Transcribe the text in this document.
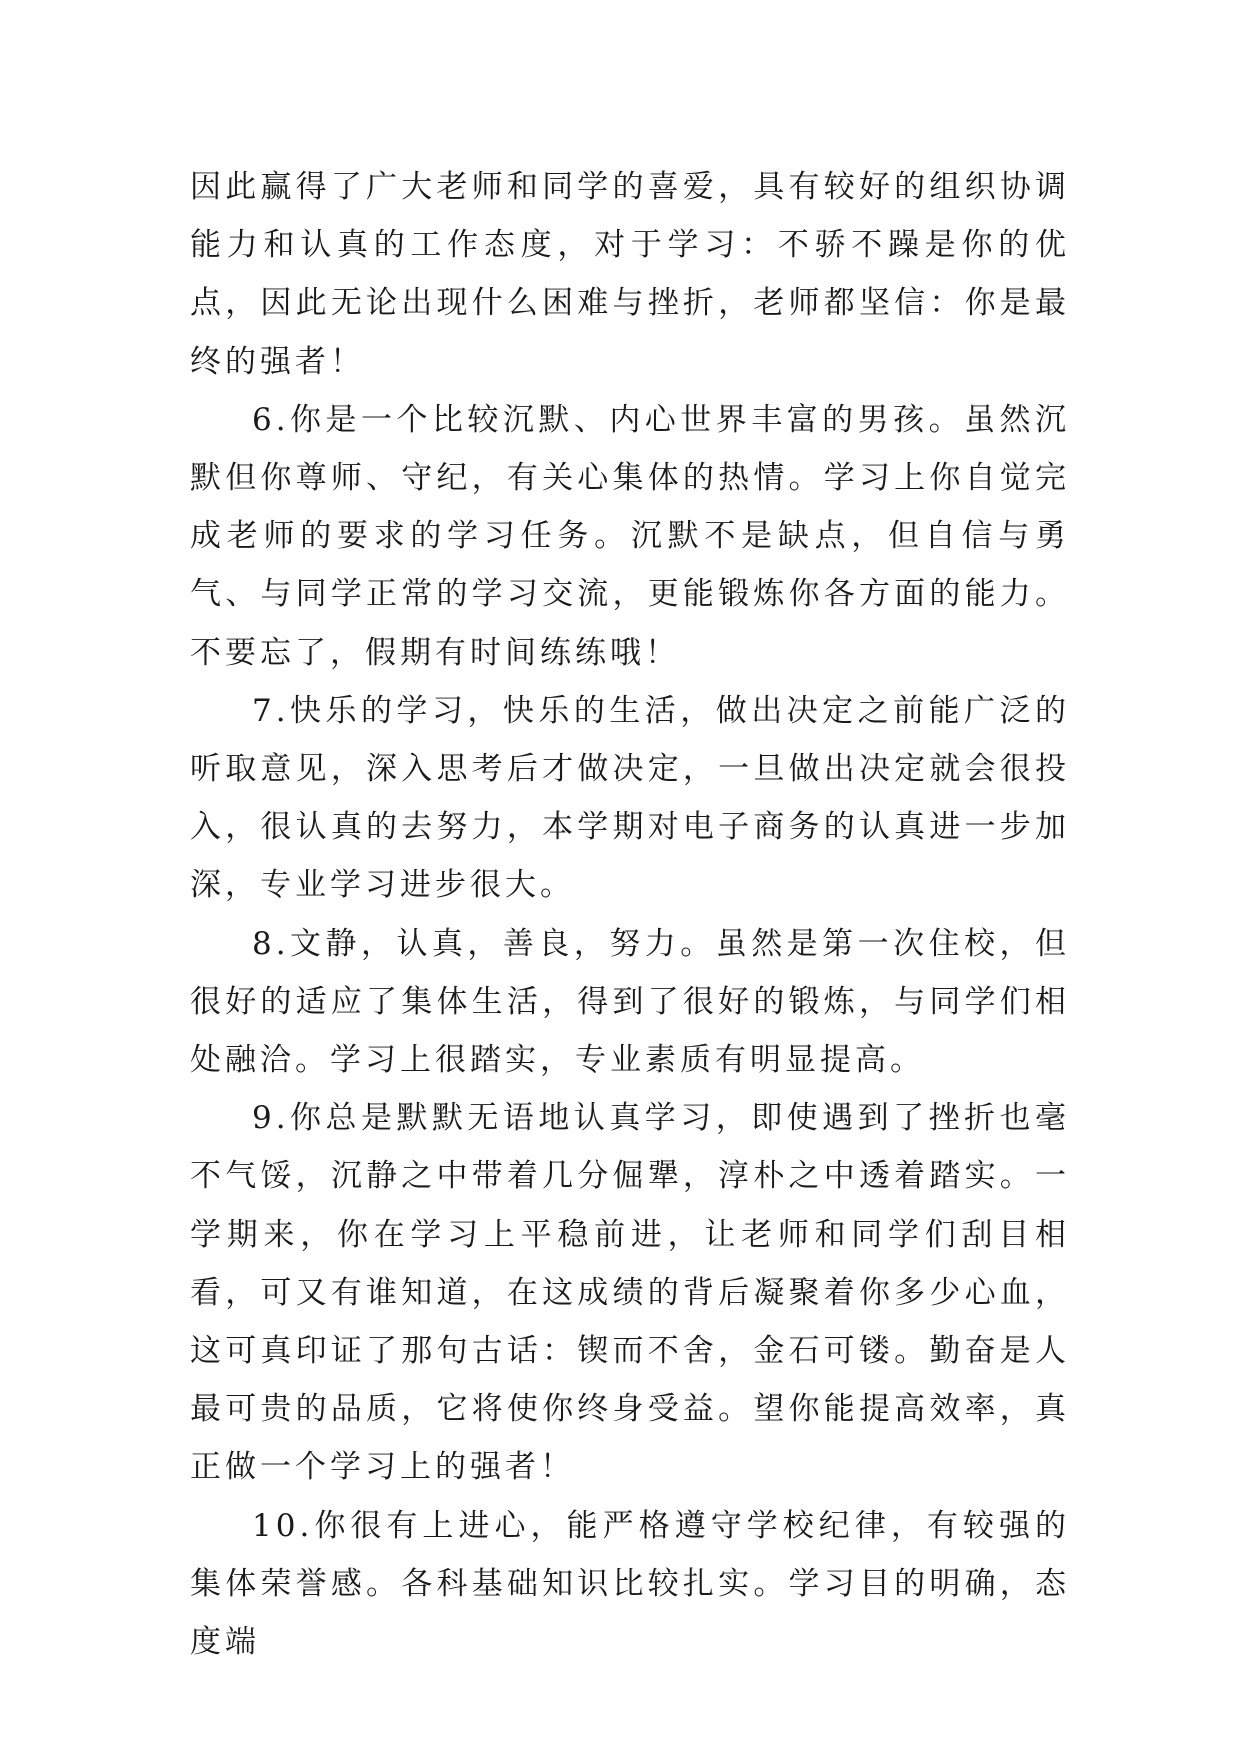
因此赢得了广大老师和同学的喜爱，具有较好的组织协调能力和认真的工作态度，对于学习：不骄不躁是你的优点，因此无论出现什么困难与挫折，老师都坚信：你是最终的强者！

6.你是一个比较沉默、内心世界丰富的男孩。虽然沉默但你尊师、守纪，有关心集体的热情。学习上你自觉完成老师的要求的学习任务。沉默不是缺点，但自信与勇气、与同学正常的学习交流，更能锻炼你各方面的能力。不要忘了，假期有时间练练哦！

7.快乐的学习，快乐的生活，做出决定之前能广泛的听取意见，深入思考后才做决定，一旦做出决定就会很投入，很认真的去努力，本学期对电子商务的认真进一步加深，专业学习进步很大。

8.文静，认真，善良，努力。虽然是第一次住校，但很好的适应了集体生活，得到了很好的锻炼，与同学们相处融洽。学习上很踏实，专业素质有明显提高。

9.你总是默默无语地认真学习，即使遇到了挫折也毫不气馁，沉静之中带着几分倔犟，淳朴之中透着踏实。一学期来，你在学习上平稳前进，让老师和同学们刮目相看，可又有谁知道，在这成绩的背后凝聚着你多少心血，这可真印证了那句古话：锲而不舍，金石可镂。勤奋是人最可贵的品质，它将使你终身受益。望你能提高效率，真正做一个学习上的强者！

10.你很有上进心，能严格遵守学校纪律，有较强的集体荣誉感。各科基础知识比较扎实。学习目的明确，态度端
